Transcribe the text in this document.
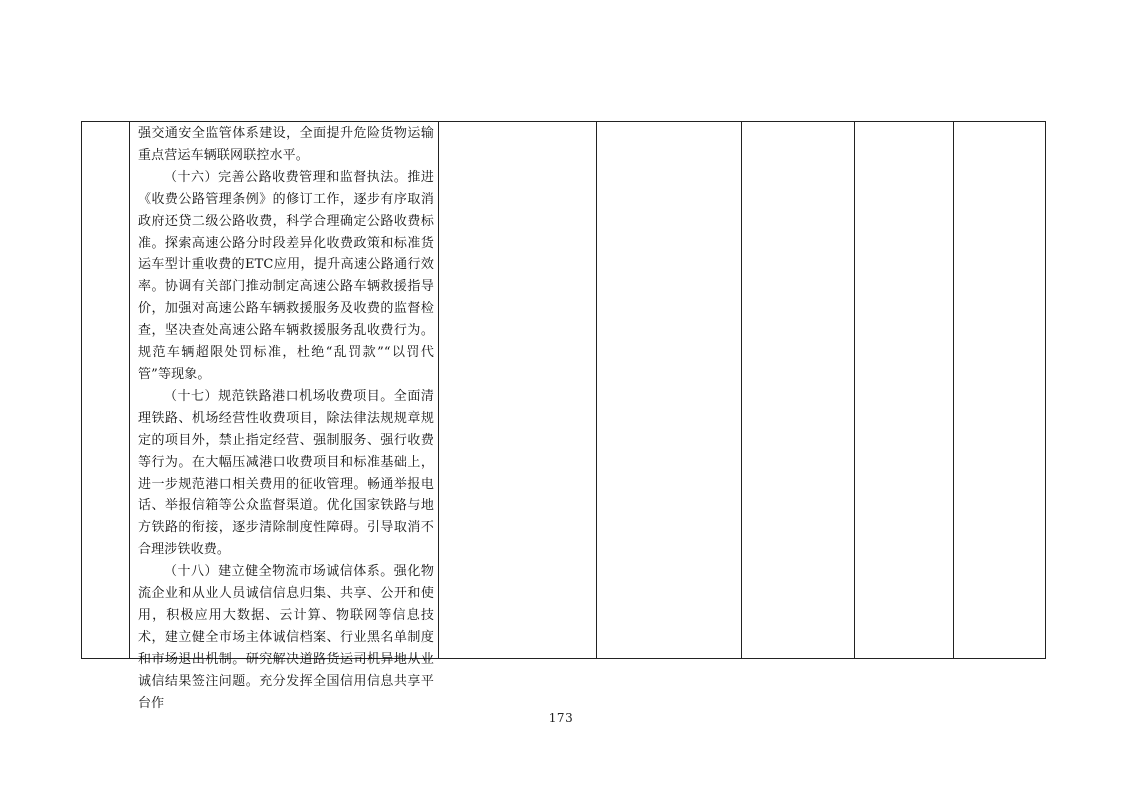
强交通安全监管体系建设，全面提升危险货物运输重点营运车辆联网联控水平。

（十六）完善公路收费管理和监督执法。推进《收费公路管理条例》的修订工作，逐步有序取消政府还贷二级公路收费，科学合理确定公路收费标准。探索高速公路分时段差异化收费政策和标准货运车型计重收费的ETC应用，提升高速公路通行效率。协调有关部门推动制定高速公路车辆救援指导价，加强对高速公路车辆救援服务及收费的监督检查，坚决查处高速公路车辆救援服务乱收费行为。规范车辆超限处罚标准，杜绝“乱罚款”“以罚代管”等现象。

（十七）规范铁路港口机场收费项目。全面清理铁路、机场经营性收费项目，除法律法规规章规定的项目外，禁止指定经营、强制服务、强行收费等行为。在大幅压减港口收费项目和标准基础上，进一步规范港口相关费用的征收管理。畅通举报电话、举报信箱等公众监督渠道。优化国家铁路与地方铁路的衔接，逐步清除制度性障碍。引导取消不合理涉铁收费。

（十八）建立健全物流市场诚信体系。强化物流企业和从业人员诚信信息归集、共享、公开和使用，积极应用大数据、云计算、物联网等信息技术，建立健全市场主体诚信档案、行业黑名单制度和市场退出机制。研究解决道路货运司机异地从业诚信结果签注问题。充分发挥全国信用信息共享平台作

173
